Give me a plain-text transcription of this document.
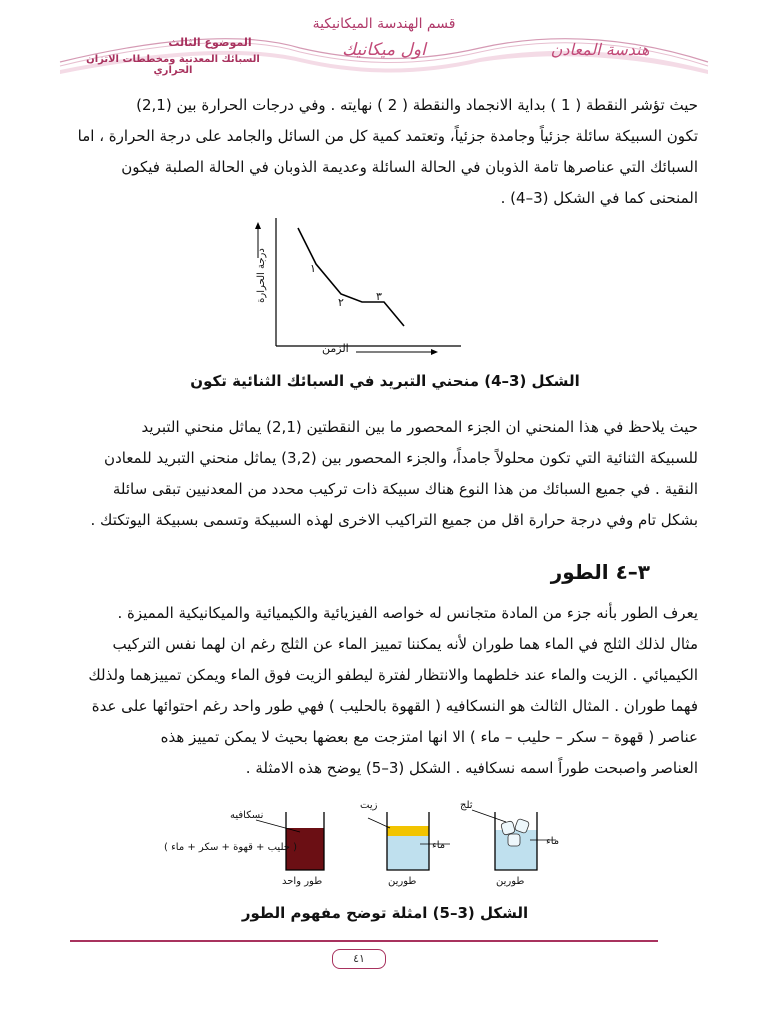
قسم الهندسة الميكانيكية
اول ميكانيك
الموضوع الثالث
السبائك المعدنية ومخططات الاتزان الحراري
هندسة المعادن

حيث تؤشر النقطة ( 1 ) بداية الانجماد والنقطة ( 2 ) نهايته . وفي درجات الحرارة بين (2,1)

تكون السبيكة سائلة جزئياً وجامدة جزئياً، وتعتمد كمية كل من السائل والجامد على درجة الحرارة ، اما

السبائك التي عناصرها تامة الذوبان في الحالة السائلة وعديمة الذوبان في الحالة الصلبة فيكون

المنحنى كما في الشكل (3–4) .

درجة الحرارة
الزمن
١
٢	٣
الشكل (3–4) منحني التبريد في السبائك الثنائية تكون

حيث يلاحظ في هذا المنحني ان الجزء المحصور ما بين النقطتين (2,1) يماثل منحني التبريد

للسبيكة الثنائية التي تكون محلولاً جامداً، والجزء المحصور بين (3,2) يماثل منحني التبريد للمعادن

النقية . في جميع السبائك من هذا النوع هناك سبيكة ذات تركيب محدد من المعدنيين تبقى سائلة

بشكل تام وفي درجة حرارة اقل من جميع التراكيب الاخرى لهذه السبيكة وتسمى بسبيكة اليوتكتك .

٣–٤ الطور

يعرف الطور بأنه جزء من المادة متجانس له خواصه الفيزيائية والكيميائية والميكانيكية المميزة .

مثال لذلك الثلج في الماء هما طوران لأنه يمكننا تمييز الماء عن الثلج رغم ان لهما نفس التركيب

الكيميائي . الزيت والماء عند خلطهما والانتظار لفترة ليطفو الزيت فوق الماء ويمكن تمييزهما ولذلك

فهما طوران . المثال الثالث هو النسكافيه ( القهوة بالحليب ) فهي طور واحد رغم احتوائها على عدة

عناصر ( قهوة – سكر – حليب – ماء ) الا انها امتزجت مع بعضها بحيث لا يمكن تمييز هذه

العناصر واصبحت طوراً اسمه نسكافيه . الشكل (3–5) يوضح هذه الامثلة .

نسكافيه
( حليب + قهوة + سكر + ماء )
طور واحد
زيت
ماء
طورين
ثلج
ماء
طورين
الشكل (3–5) امثلة توضح مفهوم الطور
٤١
